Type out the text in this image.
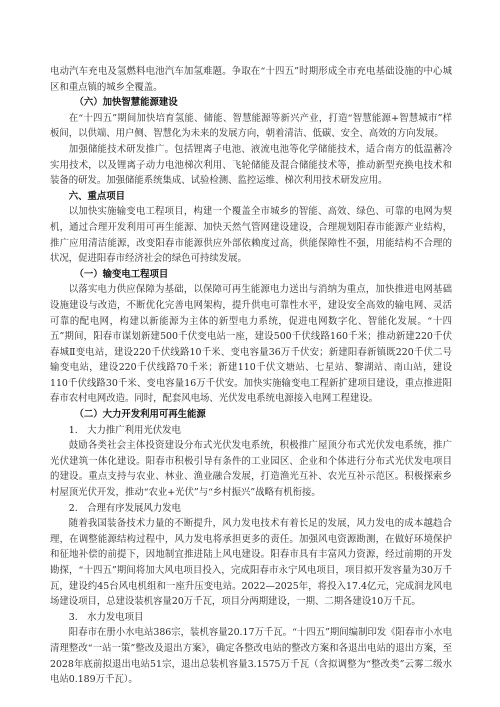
电动汽车充电及氢燃料电池汽车加氢难题。争取在“十四五”时期形成全市充电基础设施的中心城区和重点镇的城乡全覆盖。

（六）加快智慧能源建设

在“十四五”期间加快培育氢能、储能、智慧能源等新兴产业，打造“智慧能源+智慧城市”样板间，以供端、用户侧、智慧化为未来的发展方向，朝着清洁、低碳、安全、高效的方向发展。

加强储能技术研发推广。包括锂离子电池、液流电池等化学储能技术，适合南方的低温蓄冷实用技术，以及锂离子动力电池梯次利用、飞轮储能及混合储能技术等，推动新型充换电技术和装备的研发。加强储能系统集成、试验检测、监控运维、梯次利用技术研发应用。

六、重点项目

以加快实施输变电工程项目，构建一个覆盖全市城乡的智能、高效、绿色、可靠的电网为契机，通过合理开发利用可再生能源、加快天然气管网建设建设，合理规划阳春市能源产业结构，推广应用清洁能源，改变阳春市能源供应外部依赖度过高，供能保障性不强，用能结构不合理的状况，促进阳春市经济社会的绿色可持续发展。

（一）输变电工程项目

以落实电力供应保障为基础，以保障可再生能源电力送出与消纳为重点，加快推进电网基础设施建设与改造，不断优化完善电网架构，提升供电可靠性水平，建设安全高效的输电网、灵活可靠的配电网，构建以新能源为主体的新型电力系统，促进电网数字化、智能化发展。“十四五”期间，阳春市谋划新建500千伏变电站一座，建设500千伏线路160千米；推动新建220千伏春城Ⅱ变电站，建设220千伏线路10千米、变电容量36万千伏安；新建阳春新镇既220千伏二号输变电站，建设220千伏线路70千米；新建110千伏文塘站、七星站、黎湖站、南山站，建设110千伏线路30千米、变电容量16万千伏安。加快实施输变电工程新扩建项目建设，重点推进阳春市农村电网改造。同时，配套风电场、光伏发电系统电源接入电网工程建设。

（二）大力开发利用可再生能源

1.　大力推广利用光伏发电

鼓励各类社会主体投资建设分布式光伏发电系统，积极推广屋顶分布式光伏发电系统，推广光伏建筑一体化建设。阳春市积极引导有条件的工业园区、企业和个体进行分布式光伏发电项目的建设。重点支持与农业、林业、渔业融合发展，打造渔光互补、农光互补示范区。积极探索乡村屋顶光伏开发，推动“农业+光伏”与“乡村振兴”战略有机衔接。

2.　合理有序发展风力发电

随着我国装备技术力量的不断提升，风力发电技术有着长足的发展，风力发电的成本越趋合理，在调整能源结构过程中，风力发电将承担更多的责任。加强风电资源勘测，在做好环境保护和征地补偿的前提下，因地制宜推进陆上风电建设。阳春市具有丰富风力资源，经过前期的开发勘探，“十四五”期间将加大风电项目投入，完成阳春市永宁风电项目，项目拟开发容量为30万千瓦，建设约45台风电机组和一座升压变电站。2022—2025年，将投入17.4亿元，完成润龙风电场建设项目，总建设装机容量20万千瓦，项目分两期建设，一期、二期各建设10万千瓦。

3.　水力发电项目

阳春市在册小水电站386宗，装机容量20.17万千瓦。“十四五”期间编制印发《阳春市小水电清理整改“一站一策”整改及退出方案》，确定各整改电站的整改方案和各退出电站的退出方案，至2028年底前拟退出电站51宗，退出总装机容量3.1575万千瓦（含拟调整为“整改类”云雾二级水电站0.189万千瓦）。
